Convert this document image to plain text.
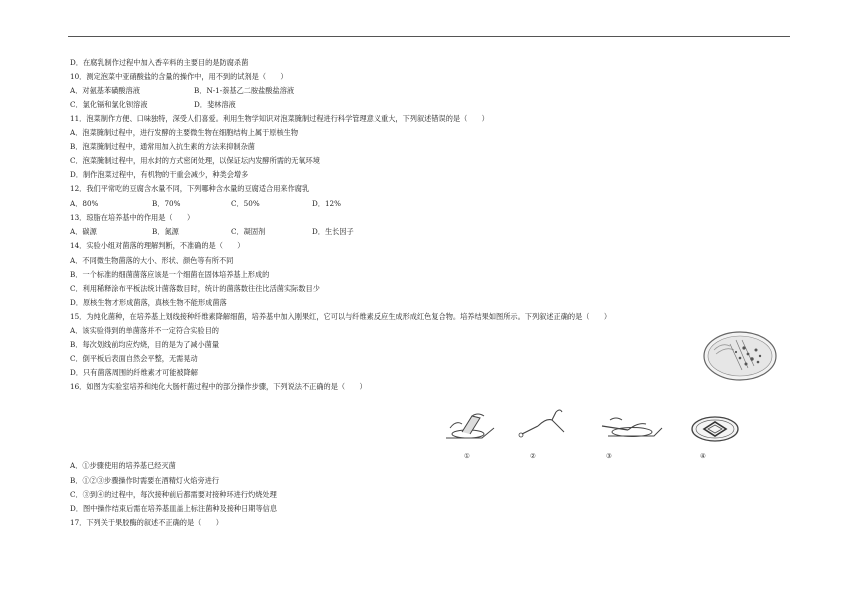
D．在腐乳制作过程中加入香辛料的主要目的是防腐杀菌
10．测定泡菜中亚硝酸盐的含量的操作中，用不到的试剂是（　　）
A．对氨基苯磺酸溶液	B．N-1-萘基乙二胺盐酸盐溶液
C．氯化镉和氯化钡溶液	D．斐林溶液
11．泡菜制作方便、口味独特，深受人们喜爱。利用生物学知识对泡菜腌制过程进行科学管理意义重大，下列叙述错误的是（　　）
A．泡菜腌制过程中，进行发酵的主要微生物在细胞结构上属于原核生物
B．泡菜腌制过程中，通常用加入抗生素的方法来抑制杂菌
C．泡菜腌制过程中，用水封的方式密闭处理，以保证坛内发酵所需的无氧环境
D．制作泡菜过程中，有机物的干重会减少，种类会增多
12．我们平常吃的豆腐含水量不同，下列哪种含水量的豆腐适合用来作腐乳
A．80%	B．70%	C．50%	D．12%
13．琼脂在培养基中的作用是（　　）
A．碳源	B．氮源	C．凝固剂	D．生长因子
14．实验小组对菌落的理解判断，不准确的是（　　）
A．不同微生物菌落的大小、形状、颜色等有所不同
B．一个标准的细菌菌落应该是一个细菌在固体培养基上形成的
C．利用稀释涂布平板法统计菌落数目时，统计的菌落数往往比活菌实际数目少
D．原核生物才形成菌落，真核生物不能形成菌落
15．为纯化菌种，在培养基上划线接种纤维素降解细菌，培养基中加入刚果红，它可以与纤维素反应生成形成红色复合物。培养结果如图所示。下列叙述正确的是（　　）
A．该实验得到的单菌落并不一定符合实验目的
B．每次划线前均应灼烧，目的是为了减小菌量
C．倒平板后表面自然会平整，无需晃动
D．只有菌落周围的纤维素才可能被降解
16．如图为实验室培养和纯化大肠杆菌过程中的部分操作步骤，下列说法不正确的是（　　）
①	②	③	④
A．①步骤使用的培养基已经灭菌
B．①②③步骤操作时需要在酒精灯火焰旁进行
C．③到④的过程中，每次接种前后都需要对接种环进行灼烧处理
D．图中操作结束后需在培养基皿盖上标注菌种及接种日期等信息
17．下列关于果胶酶的叙述不正确的是（　　）
